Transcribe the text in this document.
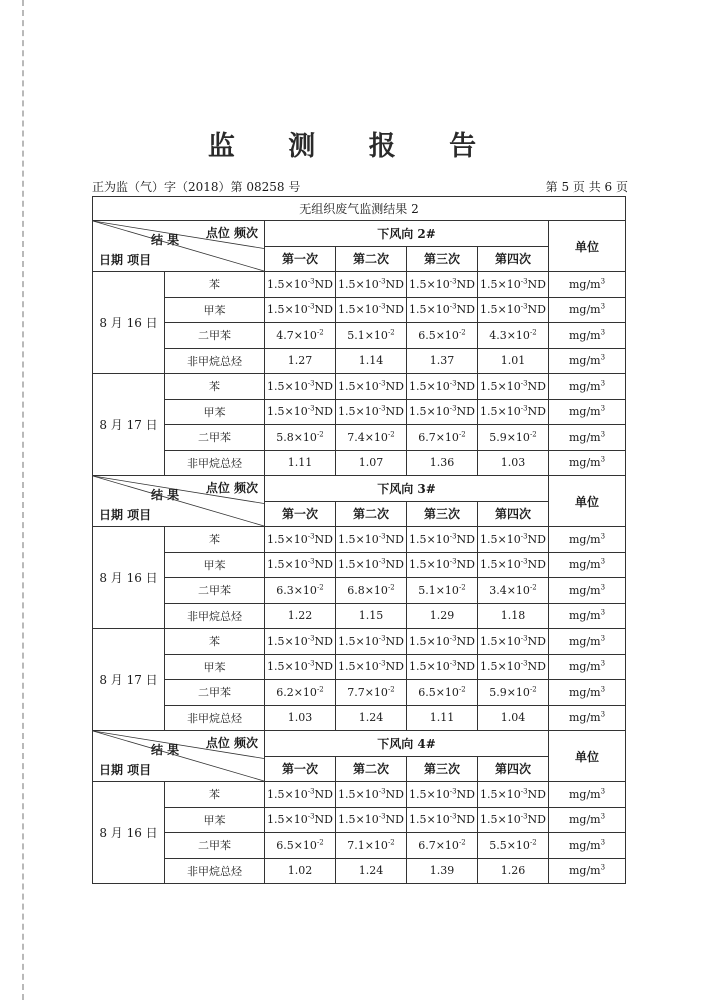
监 测 报 告
正为监（气）字（2018）第 08258 号	第 5 页 共 6 页
无组织废气监测结果 2						

点位 频次
结 果
日期 项目		下风向 2#				单位
		第一次	第二次	第三次	第四次	
8 月 16 日	苯	$1.5\times 10^{-3}ND$	$1.5\times 10^{-3}ND$	$1.5\times 10^{-3}ND$	$1.5\times 10^{-3}ND$	$mg/m^3$
	甲苯	$1.5\times 10^{-3}ND$	$1.5\times 10^{-3}ND$	$1.5\times 10^{-3}ND$	$1.5\times 10^{-3}ND$	$mg/m^3$
	二甲苯	$4.7\times 10^{-2}$	$5.1\times 10^{-2}$	$6.5\times 10^{-2}$	$4.3\times 10^{-2}$	$mg/m^3$
	非甲烷总烃	1.27	1.14	1.37	1.01	$mg/m^3$
8 月 17 日	苯	$1.5\times 10^{-3}ND$	$1.5\times 10^{-3}ND$	$1.5\times 10^{-3}ND$	$1.5\times 10^{-3}ND$	$mg/m^3$
	甲苯	$1.5\times 10^{-3}ND$	$1.5\times 10^{-3}ND$	$1.5\times 10^{-3}ND$	$1.5\times 10^{-3}ND$	$mg/m^3$
	二甲苯	$5.8\times 10^{-2}$	$7.4\times 10^{-2}$	$6.7\times 10^{-2}$	$5.9\times 10^{-2}$	$mg/m^3$
	非甲烷总烃	1.11	1.07	1.36	1.03	$mg/m^3$

点位 频次
结 果
日期 项目		下风向 3#				单位
		第一次	第二次	第三次	第四次	
8 月 16 日	苯	$1.5\times 10^{-3}ND$	$1.5\times 10^{-3}ND$	$1.5\times 10^{-3}ND$	$1.5\times 10^{-3}ND$	$mg/m^3$
	甲苯	$1.5\times 10^{-3}ND$	$1.5\times 10^{-3}ND$	$1.5\times 10^{-3}ND$	$1.5\times 10^{-3}ND$	$mg/m^3$
	二甲苯	$6.3\times 10^{-2}$	$6.8\times 10^{-2}$	$5.1\times 10^{-2}$	$3.4\times 10^{-2}$	$mg/m^3$
	非甲烷总烃	1.22	1.15	1.29	1.18	$mg/m^3$
8 月 17 日	苯	$1.5\times 10^{-3}ND$	$1.5\times 10^{-3}ND$	$1.5\times 10^{-3}ND$	$1.5\times 10^{-3}ND$	$mg/m^3$
	甲苯	$1.5\times 10^{-3}ND$	$1.5\times 10^{-3}ND$	$1.5\times 10^{-3}ND$	$1.5\times 10^{-3}ND$	$mg/m^3$
	二甲苯	$6.2\times 10^{-2}$	$7.7\times 10^{-2}$	$6.5\times 10^{-2}$	$5.9\times 10^{-2}$	$mg/m^3$
	非甲烷总烃	1.03	1.24	1.11	1.04	$mg/m^3$

点位 频次
结 果
日期 项目		下风向 4#				单位
		第一次	第二次	第三次	第四次	
8 月 16 日	苯	$1.5\times 10^{-3}ND$	$1.5\times 10^{-3}ND$	$1.5\times 10^{-3}ND$	$1.5\times 10^{-3}ND$	$mg/m^3$
	甲苯	$1.5\times 10^{-3}ND$	$1.5\times 10^{-3}ND$	$1.5\times 10^{-3}ND$	$1.5\times 10^{-3}ND$	$mg/m^3$
	二甲苯	$6.5\times 10^{-2}$	$7.1\times 10^{-2}$	$6.7\times 10^{-2}$	$5.5\times 10^{-2}$	$mg/m^3$
	非甲烷总烃	1.02	1.24	1.39	1.26	$mg/m^3$
